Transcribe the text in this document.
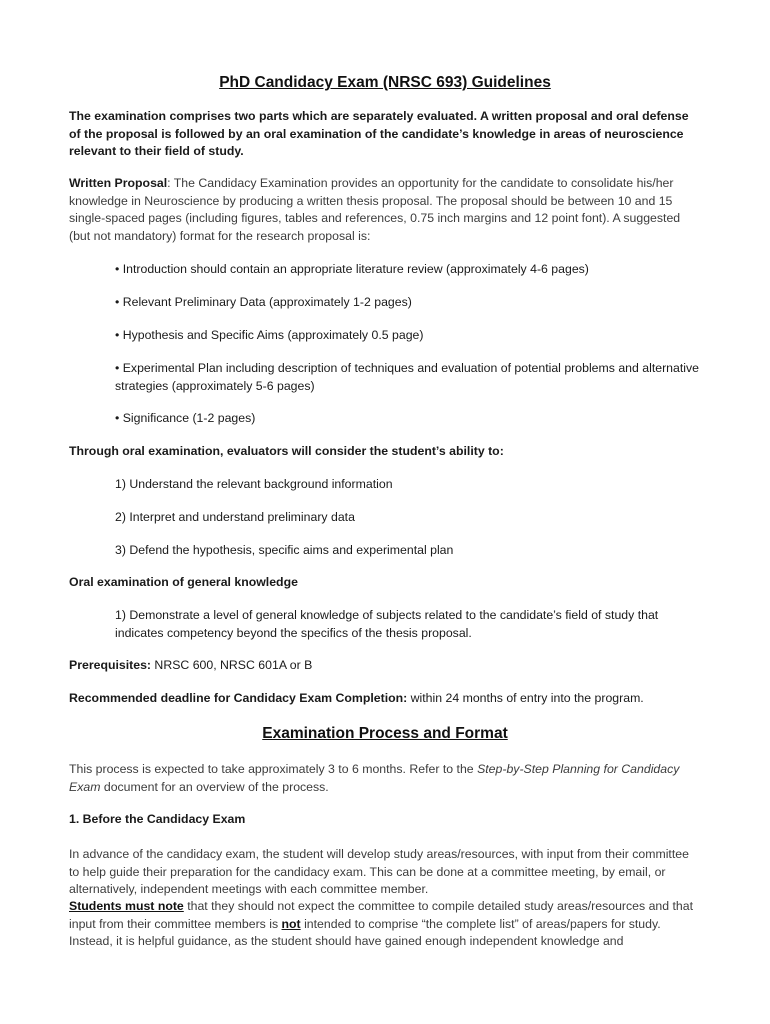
PhD Candidacy Exam (NRSC 693) Guidelines

The examination comprises two parts which are separately evaluated. A written proposal and oral defense of the proposal is followed by an oral examination of the candidate’s knowledge in areas of neuroscience relevant to their field of study.

Written Proposal: The Candidacy Examination provides an opportunity for the candidate to consolidate his/her knowledge in Neuroscience by producing a written thesis proposal. The proposal should be between 10 and 15 single-spaced pages (including figures, tables and references, 0.75 inch margins and 12 point font). A suggested (but not mandatory) format for the research proposal is:

• Introduction should contain an appropriate literature review (approximately 4-6 pages)

• Relevant Preliminary Data (approximately 1-2 pages)

• Hypothesis and Specific Aims (approximately 0.5 page)

• Experimental Plan including description of techniques and evaluation of potential problems and alternative strategies (approximately 5-6 pages)

• Significance (1-2 pages)

Through oral examination, evaluators will consider the student’s ability to:

1) Understand the relevant background information

2) Interpret and understand preliminary data

3) Defend the hypothesis, specific aims and experimental plan

Oral examination of general knowledge

1) Demonstrate a level of general knowledge of subjects related to the candidate’s field of study that indicates competency beyond the specifics of the thesis proposal.

Prerequisites: NRSC 600, NRSC 601A or B

Recommended deadline for Candidacy Exam Completion: within 24 months of entry into the program.

Examination Process and Format

This process is expected to take approximately 3 to 6 months. Refer to the Step-by-Step Planning for Candidacy Exam document for an overview of the process.

1. Before the Candidacy Exam

In advance of the candidacy exam, the student will develop study areas/resources, with input from their committee to help guide their preparation for the candidacy exam. This can be done at a committee meeting, by email, or alternatively, independent meetings with each committee member.

Students must note that they should not expect the committee to compile detailed study areas/resources and that input from their committee members is not intended to comprise “the complete list” of areas/papers for study. Instead, it is helpful guidance, as the student should have gained enough independent knowledge and
